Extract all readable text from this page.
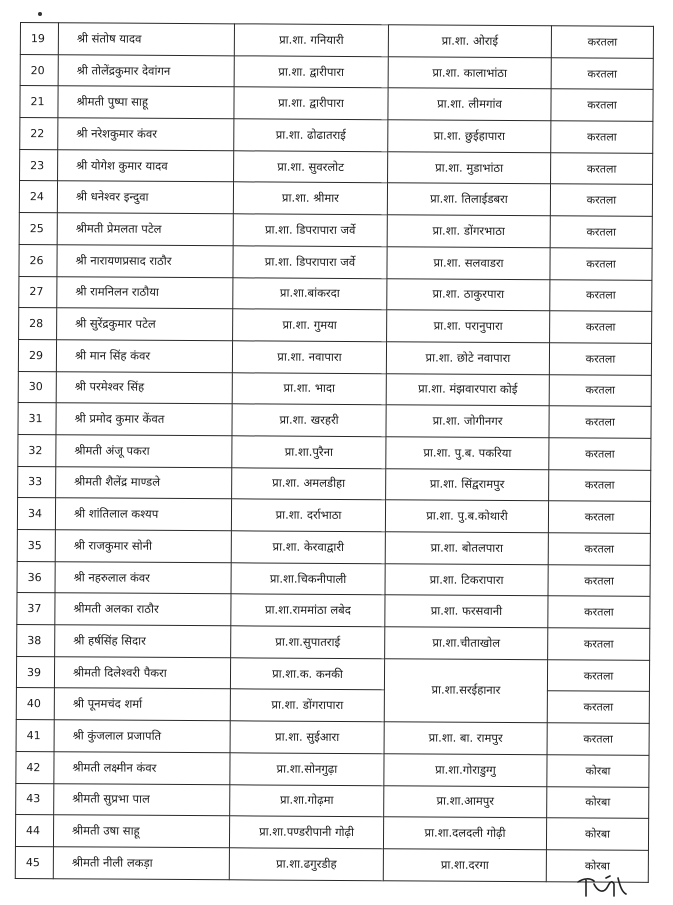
19	श्री संतोष यादव	प्रा.शा. गनियारी	प्रा.शा. ओराई	करतला
20	श्री तोलेंद्रकुमार देवांगन	प्रा.शा. द्वारीपारा	प्रा.शा. कालाभांठा	करतला
21	श्रीमती पुष्पा साहू	प्रा.शा. द्वारीपारा	प्रा.शा. लीमगांव	करतला
22	श्री नरेशकुमार कंवर	प्रा.शा. ढोढातराई	प्रा.शा. छुईहापारा	करतला
23	श्री योगेश कुमार यादव	प्रा.शा. सुवरलोट	प्रा.शा. मुडाभांठा	करतला
24	श्री धनेश्वर इन्दुवा	प्रा.शा. श्रीमार	प्रा.शा. तिलाईडबरा	करतला
25	श्रीमती प्रेमलता पटेल	प्रा.शा. डिपरापारा जर्वे	प्रा.शा. डोंगरभाठा	करतला
26	श्री नारायणप्रसाद राठौर	प्रा.शा. डिपरापारा जर्वे	प्रा.शा. सलवाडरा	करतला
27	श्री रामनिलन राठौया	प्रा.शा.बांकरदा	प्रा.शा. ठाकुरपारा	करतला
28	श्री सुरेंद्रकुमार पटेल	प्रा.शा. गुमया	प्रा.शा. परानुपारा	करतला
29	श्री मान सिंह कंवर	प्रा.शा. नवापारा	प्रा.शा. छोटे नवापारा	करतला
30	श्री परमेश्वर सिंह	प्रा.शा. भादा	प्रा.शा. मंझवारपारा कोई	करतला
31	श्री प्रमोद कुमार केंवत	प्रा.शा. खरहरी	प्रा.शा. जोगीनगर	करतला
32	श्रीमती अंजू पकरा	प्रा.शा.पुरैना	प्रा.शा. पु.ब. पकरिया	करतला
33	श्रीमती शैलेंद्र माण्डले	प्रा.शा. अमलडीहा	प्रा.शा. सिंद्वरामपुर	करतला
34	श्री शांतिलाल कश्यप	प्रा.शा. दर्राभाठा	प्रा.शा. पु.ब.कोथारी	करतला
35	श्री राजकुमार सोनी	प्रा.शा. केरवाद्वारी	प्रा.शा. बोतलपारा	करतला
36	श्री नहरुलाल कंवर	प्रा.शा.चिकनीपाली	प्रा.शा. टिकरापारा	करतला
37	श्रीमती अलका राठौर	प्रा.शा.राममांठा लबेद	प्रा.शा. फरसवानी	करतला
38	श्री हर्षसिंह सिदार	प्रा.शा.सुपातराई	प्रा.शा.चीताखोल	करतला
39	श्रीमती दिलेश्वरी पैकरा	प्रा.शा.क. कनकी	प्रा.शा.सरईहानार	करतला
40	श्री पूनमचंद शर्मा	प्रा.शा. डोंगरापारा		करतला
41	श्री कुंजलाल प्रजापति	प्रा.शा. सुईआरा	प्रा.शा. बा. रामपुर	करतला
42	श्रीमती लक्ष्मीन कंवर	प्रा.शा.सोनगुढ़ा	प्रा.शा.गोराडुग्गु	कोरबा
43	श्रीमती सुप्रभा पाल	प्रा.शा.गोढ़मा	प्रा.शा.आमपुर	कोरबा
44	श्रीमती उषा साहू	प्रा.शा.पण्डरीपानी गोढ़ी	प्रा.शा.दलदली गोढ़ी	कोरबा
45	श्रीमती नीली लकड़ा	प्रा.शा.ढगुरडीह	प्रा.शा.दरगा	कोरबा
